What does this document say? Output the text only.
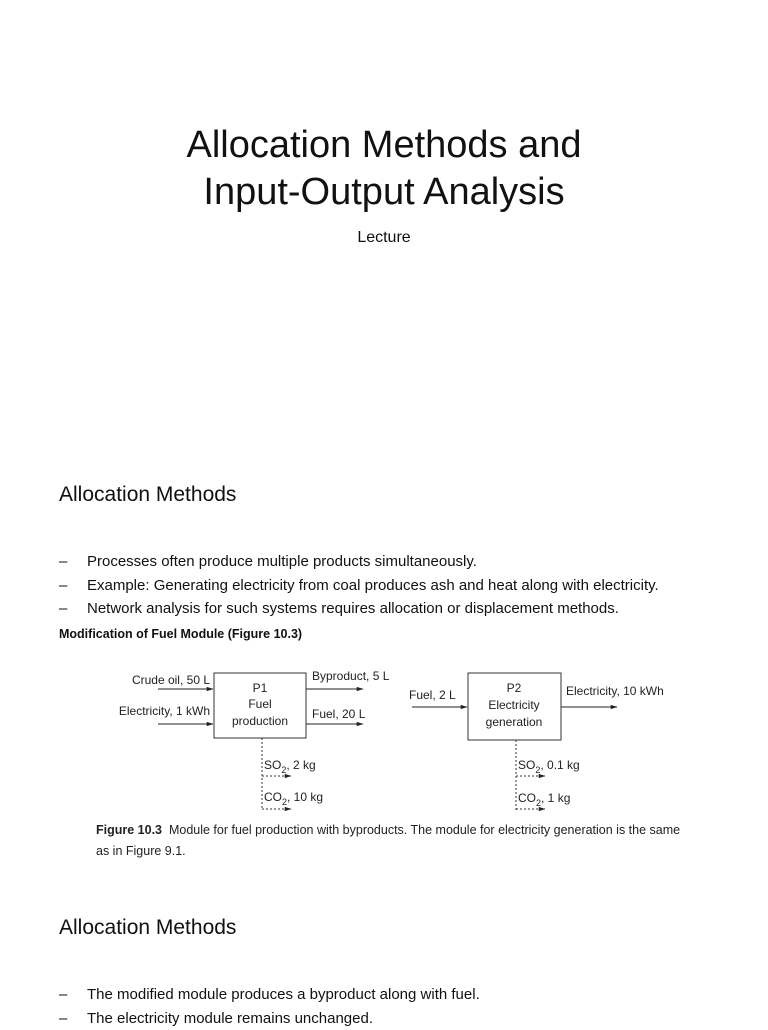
Allocation Methods and
Input-Output Analysis
Lecture
Allocation Methods
– Processes often produce multiple products simultaneously.
– Example: Generating electricity from coal produces ash and heat along with electricity.
– Network analysis for such systems requires allocation or displacement methods.
Modification of Fuel Module (Figure 10.3)
P1
Fuel
production
Crude oil, 50 L
Electricity, 1 kWh
Byproduct, 5 L
Fuel, 20 L
$SO_2$, 2 kg
$CO_2$, 10 kg
P2
Electricity
generation
Fuel, 2 L	Electricity, 10 kWh
$SO_2$, 0.1 kg
$CO_2$, 1 kg
Figure 10.3 Module for fuel production with byproducts. The module for electricity generation is the same as in Figure 9.1.
Allocation Methods
– The modified module produces a byproduct along with fuel.
– The electricity module remains unchanged.
